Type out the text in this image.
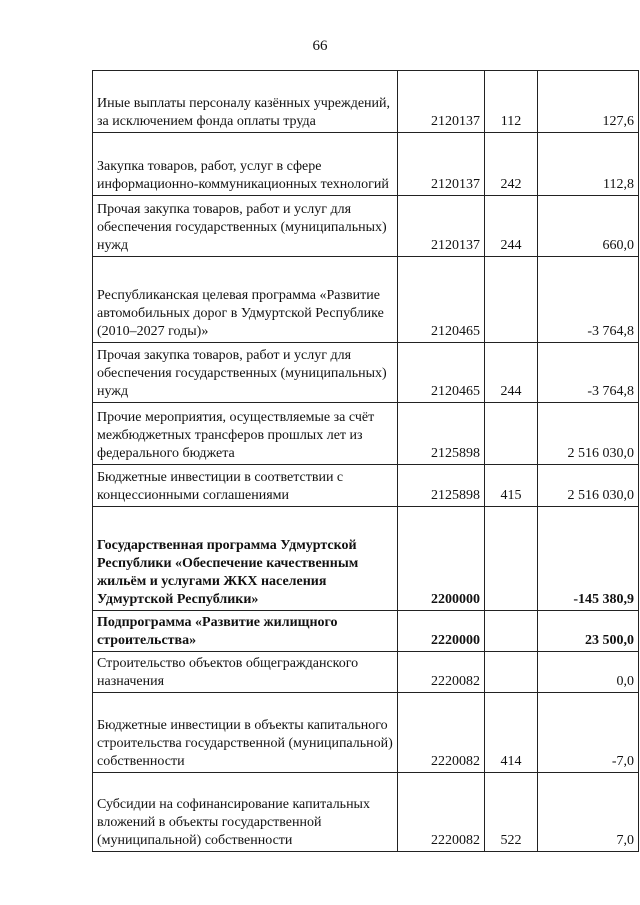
66
Иные выплаты персоналу казённых учреждений, за исключением фонда оплаты труда	2120137	112	127,6
Закупка товаров, работ, услуг в сфере информационно-коммуникационных технологий	2120137	242	112,8
Прочая закупка товаров, работ и услуг для обеспечения государственных (муниципальных) нужд	2120137	244	660,0
Республиканская целевая программа «Развитие автомобильных дорог в Удмуртской Республике (2010–2027 годы)»	2120465		-3 764,8
Прочая закупка товаров, работ и услуг для обеспечения государственных (муниципальных) нужд	2120465	244	-3 764,8
Прочие мероприятия, осуществляемые за счёт межбюджетных трансферов прошлых лет из федерального бюджета	2125898		2 516 030,0
Бюджетные инвестиции в соответствии с концессионными соглашениями	2125898	415	2 516 030,0
Государственная программа Удмуртской Республики «Обеспечение качественным жильём и услугами ЖКХ населения Удмуртской Республики»	2200000		-145 380,9
Подпрограмма «Развитие жилищного строительства»	2220000		23 500,0
Строительство объектов общегражданского назначения	2220082		0,0
Бюджетные инвестиции в объекты капитального строительства государственной (муниципальной) собственности	2220082	414	-7,0
Субсидии на софинансирование капитальных вложений в объекты государственной (муниципальной) собственности	2220082	522	7,0
